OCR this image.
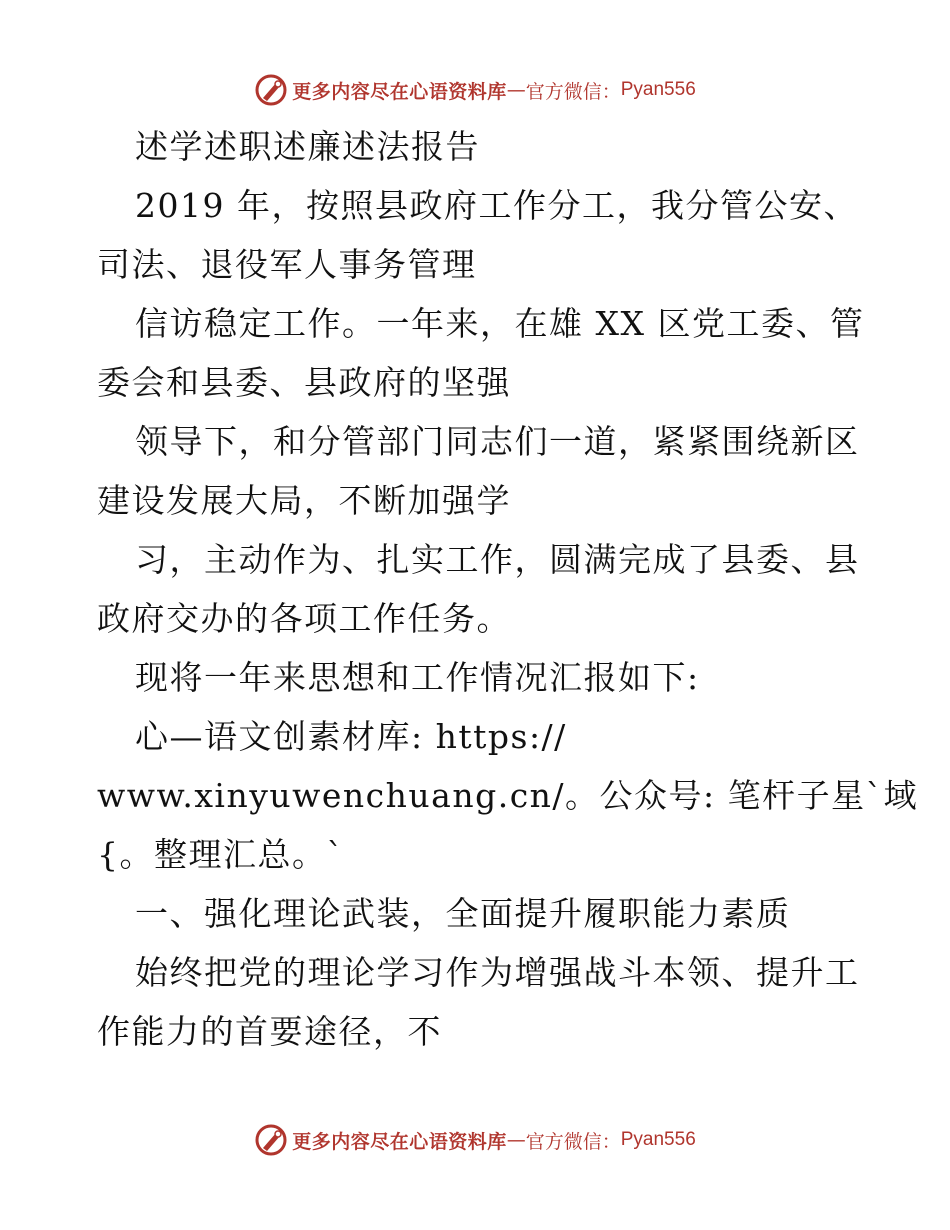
更多内容尽在心语资料库 — 官方微信： Pyan556
述学述职述廉述法报告
2019 年，按照县政府工作分工，我分管公安、
司法、退役军人事务管理
信访稳定工作。一年来，在雄 XX 区党工委、管
委会和县委、县政府的坚强
领导下，和分管部门同志们一道，紧紧围绕新区
建设发展大局，不断加强学
习，主动作为、扎实工作，圆满完成了县委、县
政府交办的各项工作任务。
现将一年来思想和工作情况汇报如下:
心—语文创素材库: https://
www.xinyuwenchuang.cn/。公众号: 笔杆子星`域
{。整理汇总。`
一、强化理论武装，全面提升履职能力素质
始终把党的理论学习作为增强战斗本领、提升工
作能力的首要途径，不
更多内容尽在心语资料库 — 官方微信： Pyan556
